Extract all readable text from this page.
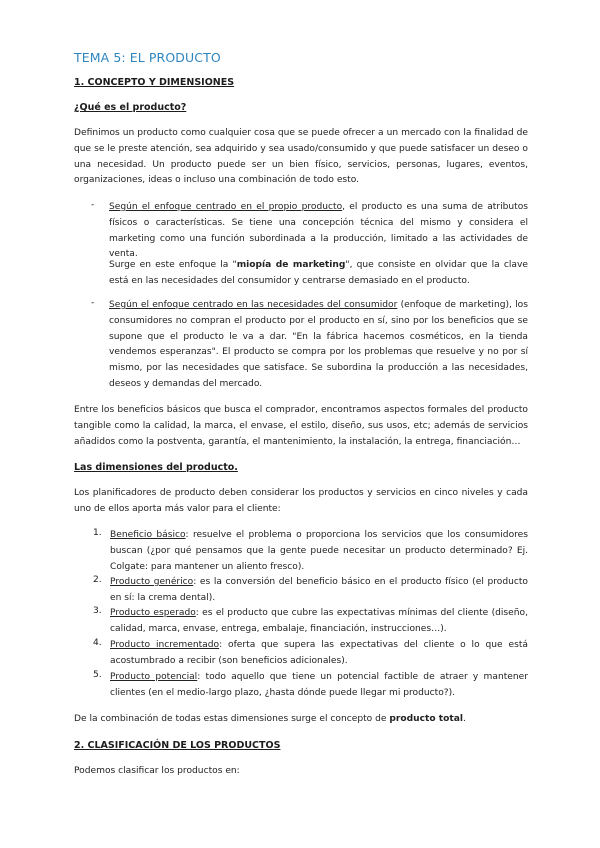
TEMA 5: EL PRODUCTO
1. CONCEPTO Y DIMENSIONES
¿Qué es el producto?
Definimos un producto como cualquier cosa que se puede ofrecer a un mercado con la finalidad de que se le preste atención, sea adquirido y sea usado/consumido y que puede satisfacer un deseo o una necesidad. Un producto puede ser un bien físico, servicios, personas, lugares, eventos, organizaciones, ideas o incluso una combinación de todo esto.
- Según el enfoque centrado en el propio producto, el producto es una suma de atributos físicos o características. Se tiene una concepción técnica del mismo y considera el marketing como una función subordinada a la producción, limitado a las actividades de venta.
Surge en este enfoque la "miopía de marketing", que consiste en olvidar que la clave está en las necesidades del consumidor y centrarse demasiado en el producto.
- Según el enfoque centrado en las necesidades del consumidor (enfoque de marketing), los consumidores no compran el producto por el producto en sí, sino por los beneficios que se supone que el producto le va a dar. "En la fábrica hacemos cosméticos, en la tienda vendemos esperanzas". El producto se compra por los problemas que resuelve y no por sí mismo, por las necesidades que satisface. Se subordina la producción a las necesidades, deseos y demandas del mercado.
Entre los beneficios básicos que busca el comprador, encontramos aspectos formales del producto tangible como la calidad, la marca, el envase, el estilo, diseño, sus usos, etc; además de servicios añadidos como la postventa, garantía, el mantenimiento, la instalación, la entrega, financiación…
Las dimensiones del producto.
Los planificadores de producto deben considerar los productos y servicios en cinco niveles y cada uno de ellos aporta más valor para el cliente:
1. Beneficio básico: resuelve el problema o proporciona los servicios que los consumidores buscan (¿por qué pensamos que la gente puede necesitar un producto determinado? Ej. Colgate: para mantener un aliento fresco).
2. Producto genérico: es la conversión del beneficio básico en el producto físico (el producto en sí: la crema dental).
3. Producto esperado: es el producto que cubre las expectativas mínimas del cliente (diseño, calidad, marca, envase, entrega, embalaje, financiación, instrucciones…).
4. Producto incrementado: oferta que supera las expectativas del cliente o lo que está acostumbrado a recibir (son beneficios adicionales).
5. Producto potencial: todo aquello que tiene un potencial factible de atraer y mantener clientes (en el medio-largo plazo, ¿hasta dónde puede llegar mi producto?).
De la combinación de todas estas dimensiones surge el concepto de producto total.
2. CLASIFICACIÓN DE LOS PRODUCTOS
Podemos clasificar los productos en:
